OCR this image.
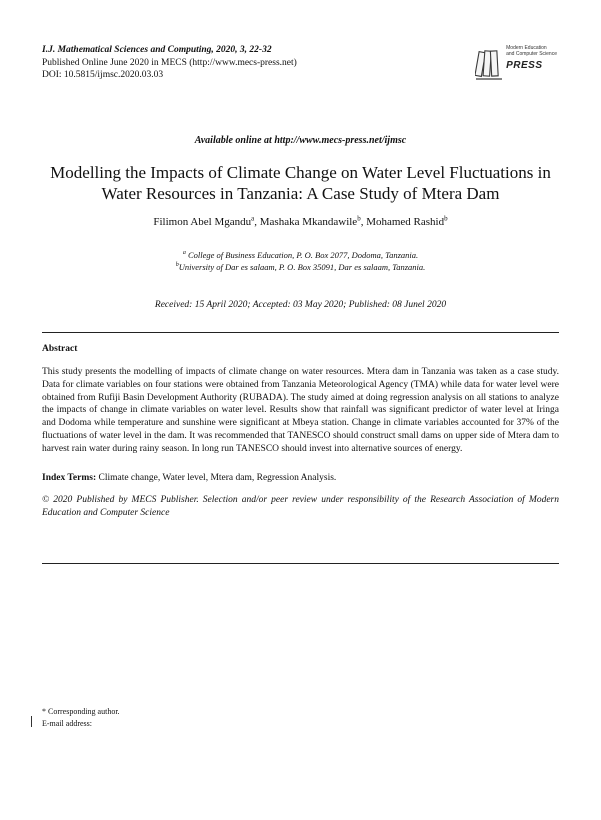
I.J. Mathematical Sciences and Computing, 2020, 3, 22-32
Published Online June 2020 in MECS (http://www.mecs-press.net)
DOI: 10.5815/ijmsc.2020.03.03
Modern Education
and Computer Science
PRESS
Available online at http://www.mecs-press.net/ijmsc
Modelling the Impacts of Climate Change on Water Level Fluctuations in Water Resources in Tanzania: A Case Study of Mtera Dam
Filimon Abel Mgandu$^a$, Mashaka Mkandawile$^b$, Mohamed Rashid$^b$
$^a$ College of Business Education, P. O. Box 2077, Dodoma, Tanzania.
$^b$University of Dar es salaam, P. O. Box 35091, Dar es salaam, Tanzania.
Received: 15 April 2020; Accepted: 03 May 2020; Published: 08 Junel 2020
Abstract

This study presents the modelling of impacts of climate change on water resources. Mtera dam in Tanzania was taken as a case study. Data for climate variables on four stations were obtained from Tanzania Meteorological Agency (TMA) while data for water level were obtained from Rufiji Basin Development Authority (RUBADA). The study aimed at doing regression analysis on all stations to analyze the impacts of change in climate variables on water level. Results show that rainfall was significant predictor of water level at Iringa and Dodoma while temperature and sunshine were significant at Mbeya station. Change in climate variables accounted for 37% of the fluctuations of water level in the dam. It was recommended that TANESCO should construct small dams on upper side of Mtera dam to harvest rain water during rainy season. In long run TANESCO should invest into alternative sources of energy.

Index Terms: Climate change, Water level, Mtera dam, Regression Analysis.

© 2020 Published by MECS Publisher. Selection and/or peer review under responsibility of the Research Association of Modern Education and Computer Science

* Corresponding author.
E-mail address:
